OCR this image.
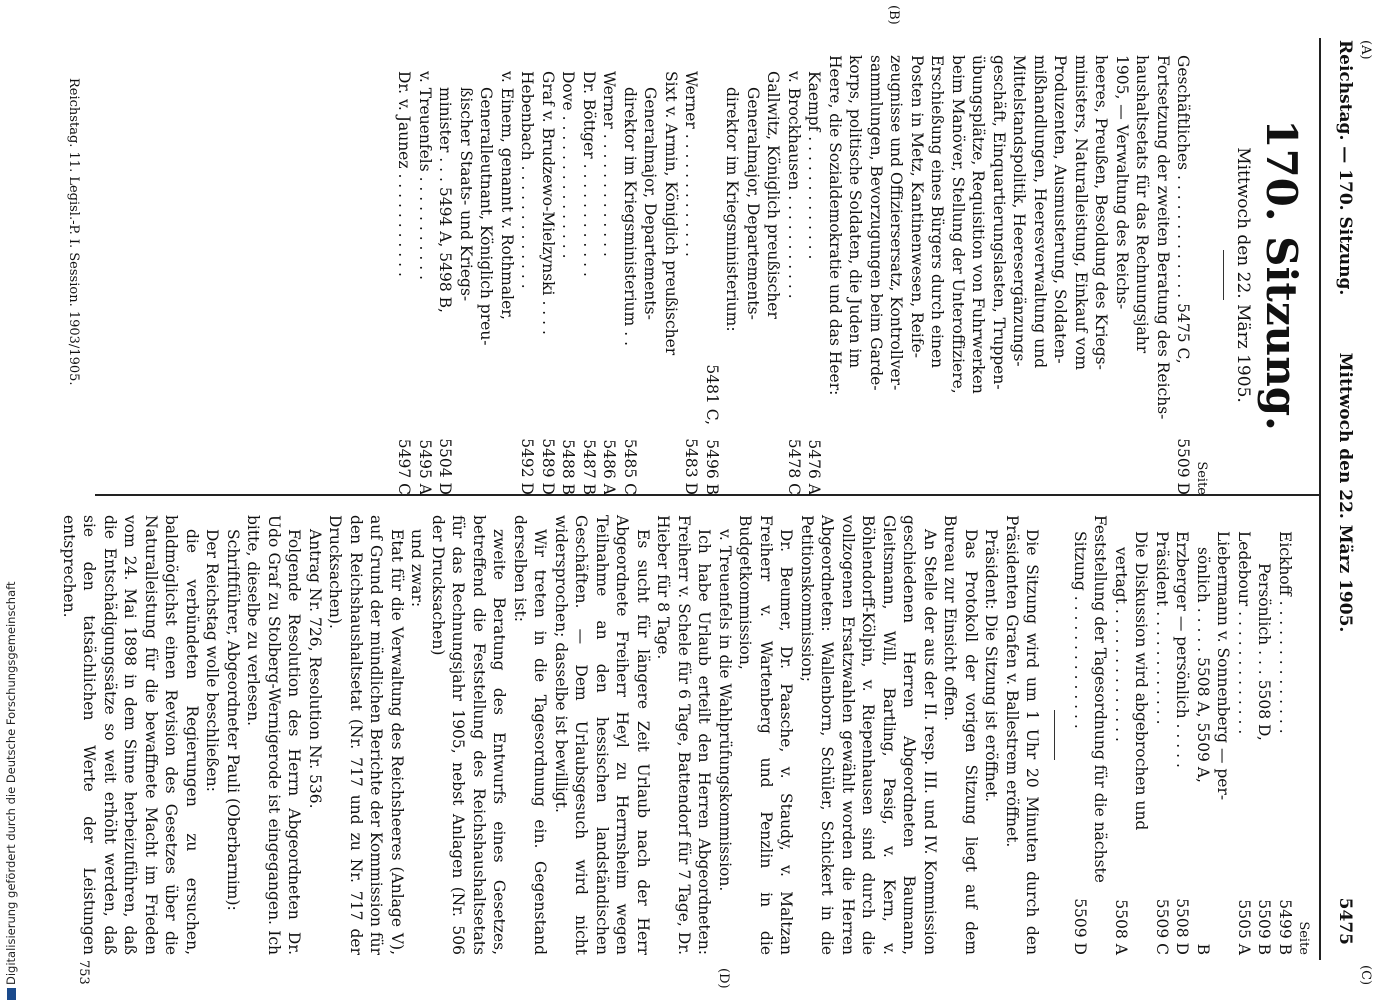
Reichstag. — 170. Sitzung.
Mittwoch den 22. März 1905.
5475
(A)
(C)
(B)
(D)
170. Sitzung.
Mittwoch den 22. März 1905.
Seite
Geschäftliches . . . . . . . . . . . . . 5475 C,
5509 D
Fortsetzung der zweiten Beratung des Reichs-
haushaltsetats für das Rechnungsjahr
1905, — Verwaltung des Reichs-
heeres, Preußen, Besoldung des Kriegs-
ministers, Naturalleistung, Einkauf vom
Produzenten, Ausmusterung, Soldaten-
mißhandlungen, Heeresverwaltung und
Mittelstandspolitik, Heeresergänzungs-
geschäft, Einquartierungslasten, Truppen-
übungsplätze, Requisition von Fuhrwerken
beim Manöver, Stellung der Unteroffiziere,
Erschießung eines Bürgers durch einen
Posten in Metz, Kantinenwesen, Reife-
zeugnisse und Offiziersersatz, Kontrollver-
sammlungen, Bevorzugungen beim Garde-
korps, politische Soldaten, die Juden im
Heere, die Sozialdemokratie und das Heer:
Kaempf . . . . . . . . . . . . .
5476 A
v. Brockhausen . . . . . . . . . . .
5478 C
Gallwitz, Königlich preußischer
Generalmajor, Departements-
direktor im Kriegsministerium:
5481 C,
5496 B
Werner . . . . . . . . . . . . .
5483 D
Sixt v. Armin, Königlich preußischer
Generalmajor, Departements-
direktor im Kriegsministerium . .
5485 C
Werner . . . . . . . . . . . . .
5486 A
Dr. Böttger . . . . . . . . . . . .
5487 B
Dove . . . . . . . . . . . . . . .
5488 B
Graf v. Brudzewo-Mielzynski . . . .
5489 D
Hebenbach . . . . . . . . . . . . .
5492 D
v. Einem, genannt v. Rothmaler,
Generalleutnant, Königlich preu-
ßischer Staats- und Kriegs-
minister . . . 5494 A, 5498 B,
5504 D
v. Treuenfels . . . . . . . . . . .
5495 A
Dr. v. Jaunez . . . . . . . . . . .
5497 C
Seite
Eickhoff . . . . . . . . . . . . . .
5499 B
Persönlich . . . 5508 D,
5509 B
Ledebour . . . . . . . . . . . . .
5505 A
Liebermann v. Sonnenberg — per-
sönlich . . . . . 5508 A, 5509 A,
B
Erzberger — persönlich . . . . .
5508 D
Präsident . . . . . . . . . . . .
5509 C
Die Diskussion wird abgebrochen und
vertagt . . . . . . . . . . . . . .
5508 A
Feststellung der Tagesordnung für die nächste
Sitzung . . . . . . . . . . . . . .
5509 D

Die Sitzung wird um 1 Uhr 20 Minuten durch den Präsidenten Grafen v. Ballestrem eröffnet.

Präsident: Die Sitzung ist eröffnet.

Das Protokoll der vorigen Sitzung liegt auf dem Bureau zur Einsicht offen.

An Stelle der aus der II. resp. III. und IV. Kommission geschiedenen Herren Abgeordneten Baumann, Gleitsmann, Will, Bartling, Pasig, v. Kern, v. Böhlendorff-Kölpin, v. Riepenhausen sind durch die vollzogenen Ersatzwahlen gewählt worden die Herren Abgeordneten: Wallenborn, Schüler, Schickert in die Petitionskommission;

Dr. Beumer, Dr. Paasche, v. Staudy, v. Maltzan Freiherr v. Wartenberg und Penzlin in die Budgetkommission,

v. Treuenfels in die Wahlprüfungskommission.

Ich habe Urlaub erteilt den Herren Abgeordneten: Freiherr v. Schele für 6 Tage, Battendorf für 7 Tage, Dr. Hieber für 8 Tage.

Es sucht für längere Zeit Urlaub nach der Herr Abgeordnete Freiherr Heyl zu Herrnsheim wegen Teilnahme an den hessischen landständischen Geschäften. — Dem Urlaubsgesuch wird nicht widersprochen; dasselbe ist bewilligt.

Wir treten in die Tagesordnung ein. Gegenstand derselben ist:

zweite Beratung des Entwurfs eines Gesetzes, betreffend die Feststellung des Reichshaushaltsetats für das Rechnungsjahr 1905, nebst Anlagen (Nr. 506 der Drucksachen)

und zwar:

Etat für die Verwaltung des Reichsheeres (Anlage V), auf Grund der mündlichen Berichte der Kommission für den Reichshaushaltsetat (Nr. 717 und zu Nr. 717 der Drucksachen).

Antrag Nr. 726, Resolution Nr. 536.

Folgende Resolution des Herrn Abgeordneten Dr. Udo Graf zu Stolberg-Wernigerode ist eingegangen. Ich bitte, dieselbe zu verlesen.

Schriftführer, Abgeordneter Pauli (Oberbarnim):

Der Reichstag wolle beschließen:

die verbündeten Regierungen zu ersuchen, baldmöglichst einen Revision des Gesetzes über die Naturalleistung für die bewaffnete Macht im Frieden vom 24. Mai 1898 in dem Sinne herbeizuführen, daß die Entschädigungssätze so weit erhöht werden, daß sie den tatsächlichen Werte der Leistungen entsprechen.

Reichstag. 11. Legisl.-P. I. Session. 1903/1905.
753
Digitalisierung gefördert durch die Deutsche Forschungsgemeinschaft
